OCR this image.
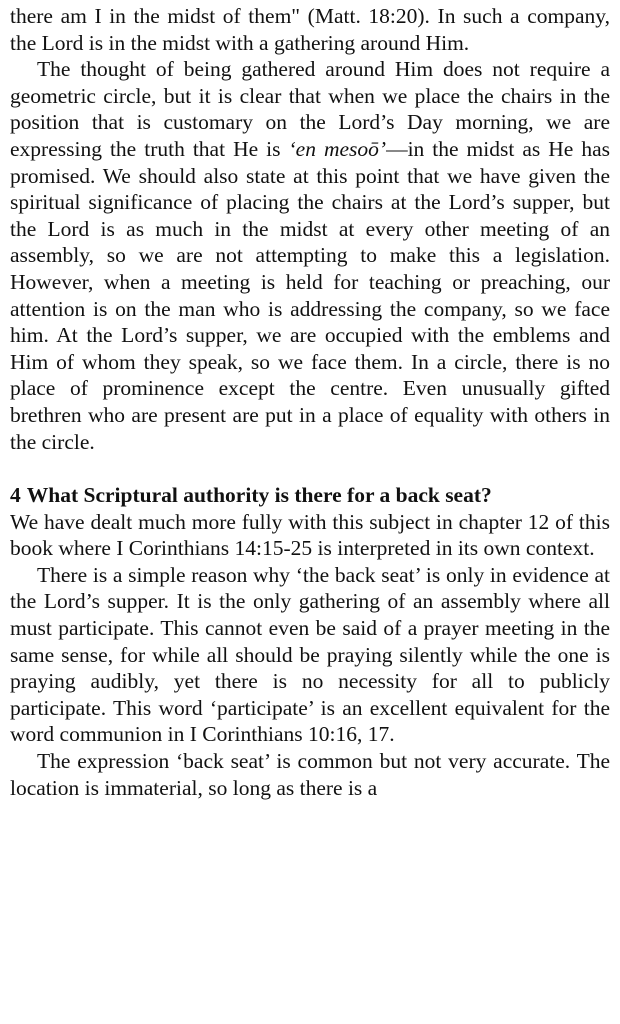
there am I in the midst of them" (Matt. 18:20). In such a company, the Lord is in the midst with a gathering around Him.

The thought of being gathered around Him does not require a geometric circle, but it is clear that when we place the chairs in the position that is customary on the Lord’s Day morning, we are expressing the truth that He is ‘en mesoō’—in the midst as He has promised. We should also state at this point that we have given the spiritual significance of placing the chairs at the Lord’s supper, but the Lord is as much in the midst at every other meeting of an assembly, so we are not attempting to make this a legislation. However, when a meeting is held for teaching or preaching, our attention is on the man who is addressing the company, so we face him. At the Lord’s supper, we are occupied with the emblems and Him of whom they speak, so we face them. In a circle, there is no place of prominence except the centre. Even unusually gifted brethren who are present are put in a place of equality with others in the circle.

4 What Scriptural authority is there for a back seat?

We have dealt much more fully with this subject in chapter 12 of this book where I Corinthians 14:15-25 is interpreted in its own context.

There is a simple reason why ‘the back seat’ is only in evidence at the Lord’s supper. It is the only gathering of an assembly where all must participate. This cannot even be said of a prayer meeting in the same sense, for while all should be praying silently while the one is praying audibly, yet there is no necessity for all to publicly participate. This word ‘participate’ is an excellent equivalent for the word communion in I Corinthians 10:16, 17.

The expression ‘back seat’ is common but not very accurate. The location is immaterial, so long as there is a
